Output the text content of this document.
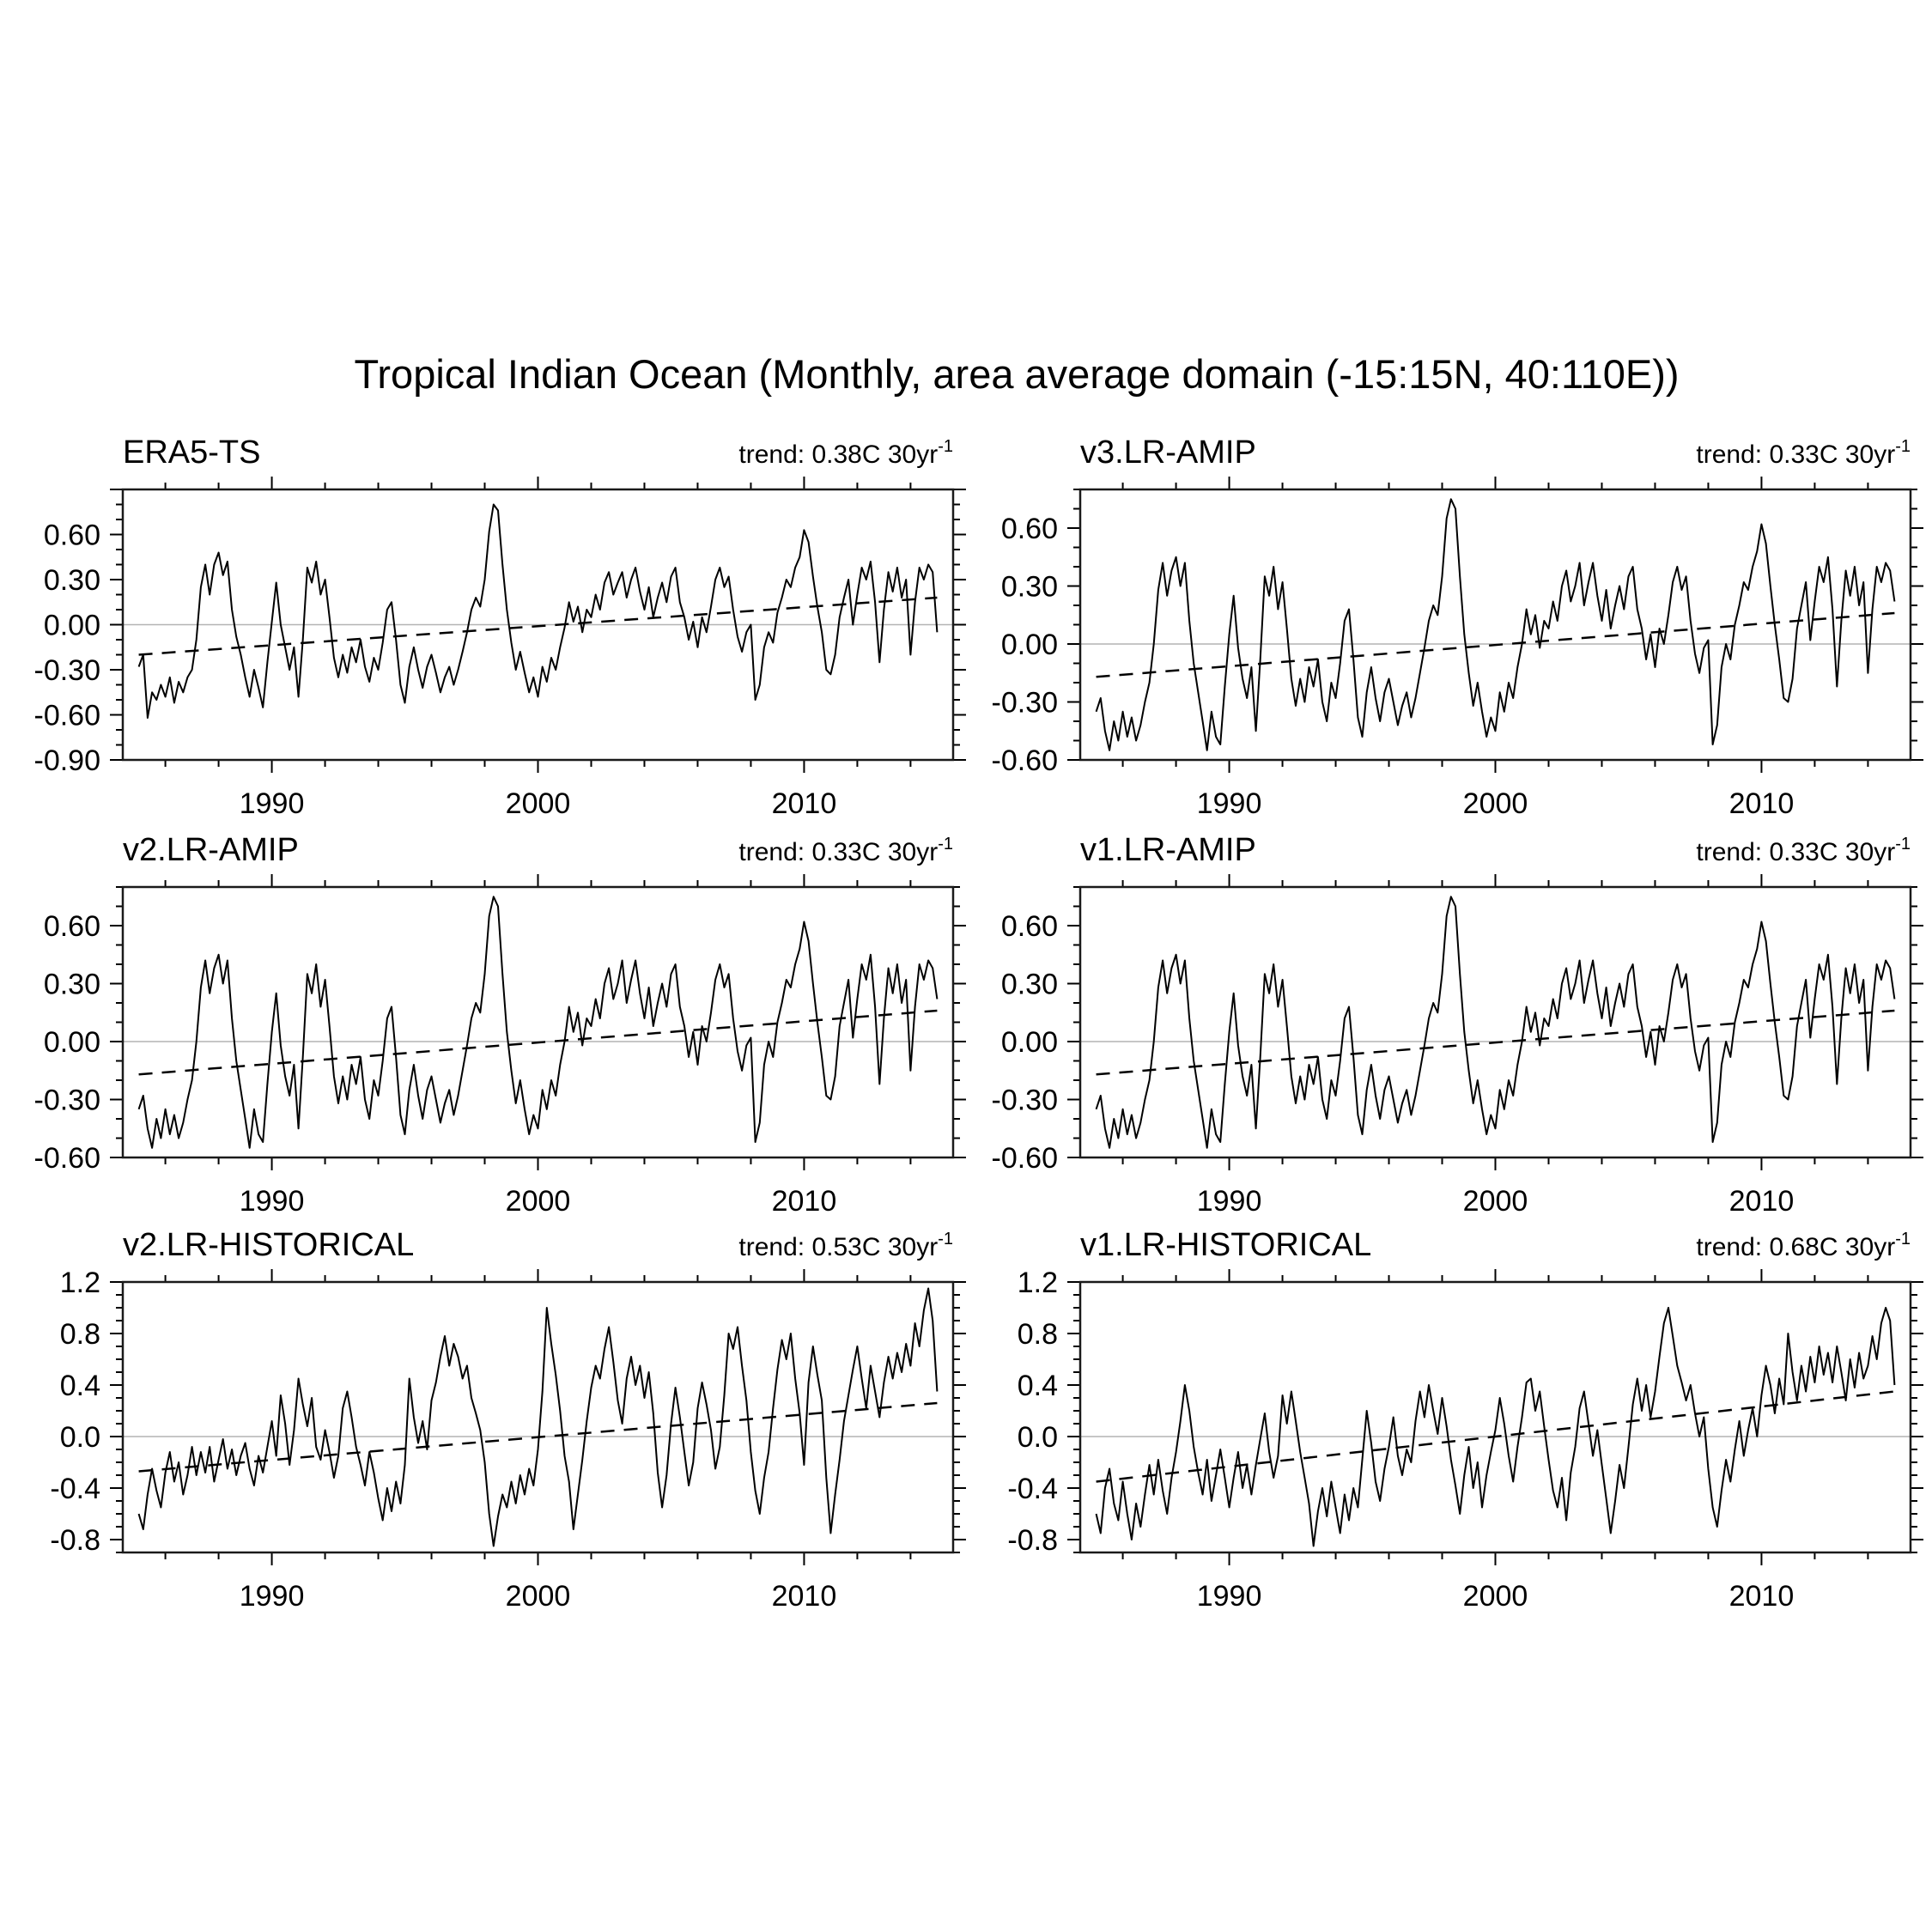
0.60
0.30
0.00
-0.30
-0.60
-0.90
1990	2000	2010
0.60
0.30
0.00
-0.30
-0.60
1990	2000	2010
0.60
0.30
0.00
-0.30
-0.60
1990	2000	2010
0.60
0.30
0.00
-0.30
-0.60
1990	2000	2010
1.2
0.8
0.4
0.0
-0.4
-0.8
1990	2000	2010
1.2
0.8
0.4
0.0
-0.4
-0.8
1990	2000	2010
Tropical Indian Ocean (Monthly, area average domain (-15:15N, 40:110E))
ERA5-TS	trend: 0.38C $30yr^{-1}$	v3.LR-AMIP	trend: 0.33C $30yr^{-1}$
v2.LR-AMIP	trend: 0.33C $30yr^{-1}$	v1.LR-AMIP	trend: 0.33C $30yr^{-1}$
v2.LR-HISTORICAL	trend: 0.53C $30yr^{-1}$	v1.LR-HISTORICAL	trend: 0.68C $30yr^{-1}$
